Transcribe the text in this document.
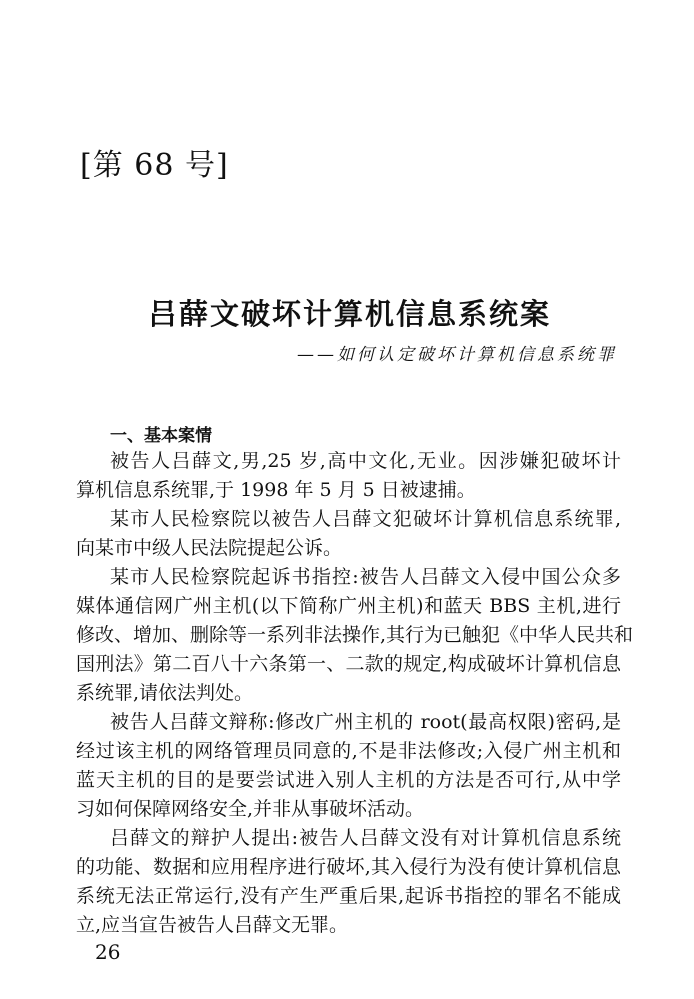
[第 68 号]
吕薛文破坏计算机信息系统案
——如何认定破坏计算机信息系统罪
一、基本案情
被告人吕薛文,男,25 岁,高中文化,无业。因涉嫌犯破坏计
算机信息系统罪,于 1998 年 5 月 5 日被逮捕。
某市人民检察院以被告人吕薛文犯破坏计算机信息系统罪,
向某市中级人民法院提起公诉。
某市人民检察院起诉书指控:被告人吕薛文入侵中国公众多
媒体通信网广州主机(以下简称广州主机)和蓝天 BBS 主机,进行
修改、增加、删除等一系列非法操作,其行为已触犯《中华人民共和
国刑法》第二百八十六条第一、二款的规定,构成破坏计算机信息
系统罪,请依法判处。
被告人吕薛文辩称:修改广州主机的 root(最高权限)密码,是
经过该主机的网络管理员同意的,不是非法修改;入侵广州主机和
蓝天主机的目的是要尝试进入别人主机的方法是否可行,从中学
习如何保障网络安全,并非从事破坏活动。
吕薛文的辩护人提出:被告人吕薛文没有对计算机信息系统
的功能、数据和应用程序进行破坏,其入侵行为没有使计算机信息
系统无法正常运行,没有产生严重后果,起诉书指控的罪名不能成
立,应当宣告被告人吕薛文无罪。
26
